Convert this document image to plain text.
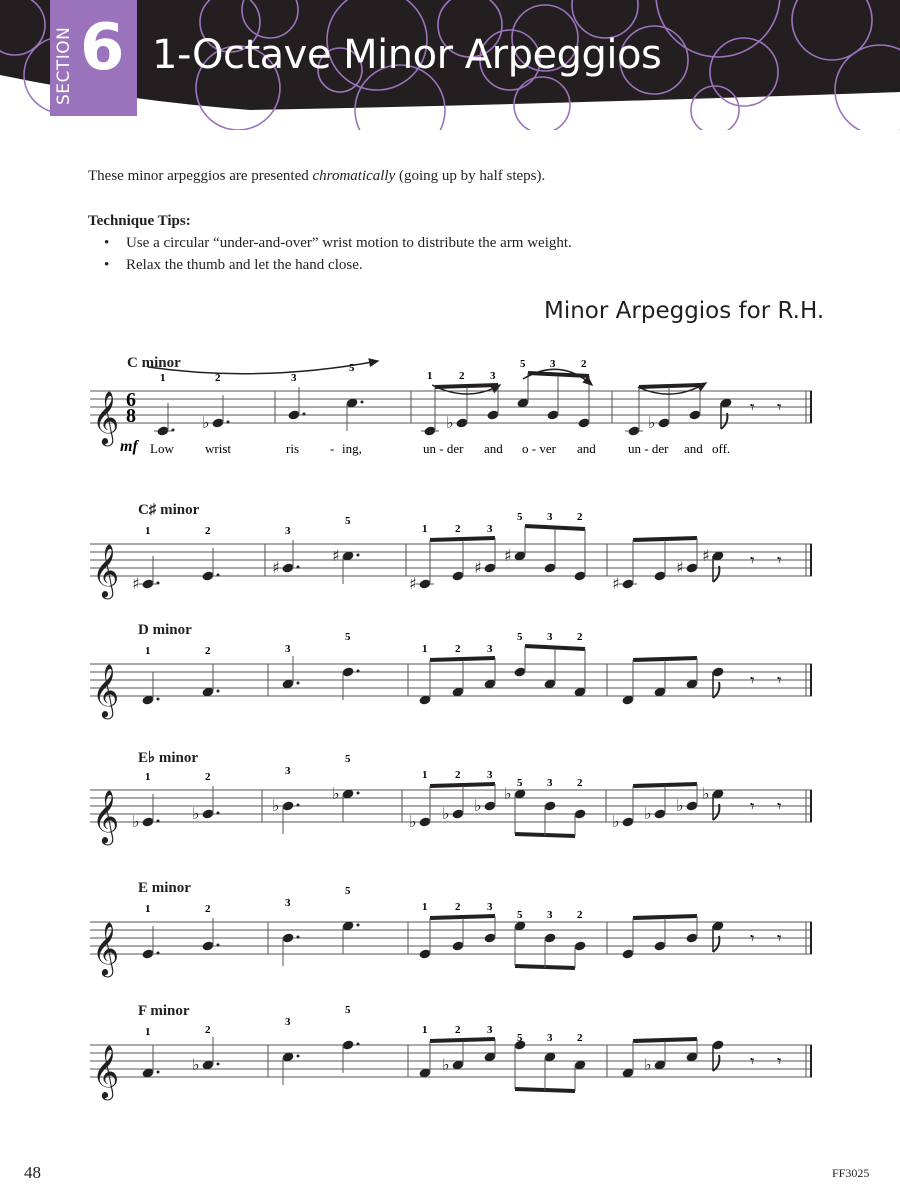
SECTION 6 1-Octave Minor Arpeggios
These minor arpeggios are presented chromatically (going up by half steps).
Technique Tips:
• Use a circular “under-and-over” wrist motion to distribute the arm weight.
• Relax the thumb and let the hand close.
Minor Arpeggios for R.H.
C minor
𝄞 6
8
mf
1
♭
2	3
5
♭
1 2 3
5 3 2
♭
𝄾 𝄾
Low wrist	ris - ing,	un - der and o - ver and un - der and off.
C♯ minor
𝄞 ♯
1	2
♯
3
♯
5
♯
♯
♯
1	2 3
5 3 2
♯
♯
♯ 𝄾 𝄾
D minor
𝄞
1	2	3
5
1	2 3
5 3 2
𝄾 𝄾
E♭ minor
𝄞 ♭
1
♭
2
♭
3
♭
5
♭ ♭ ♭
♭
1	2 3
5 3 2
♭ ♭ ♭
♭
𝄾 𝄾
E minor
𝄞
1	2	3
5
1	2 3
5 3 2
𝄾 𝄾
F minor
𝄞
1
♭
2
3
5
♭
1	2 3
5 3 2
♭	𝄾 𝄾
48	FF3025
